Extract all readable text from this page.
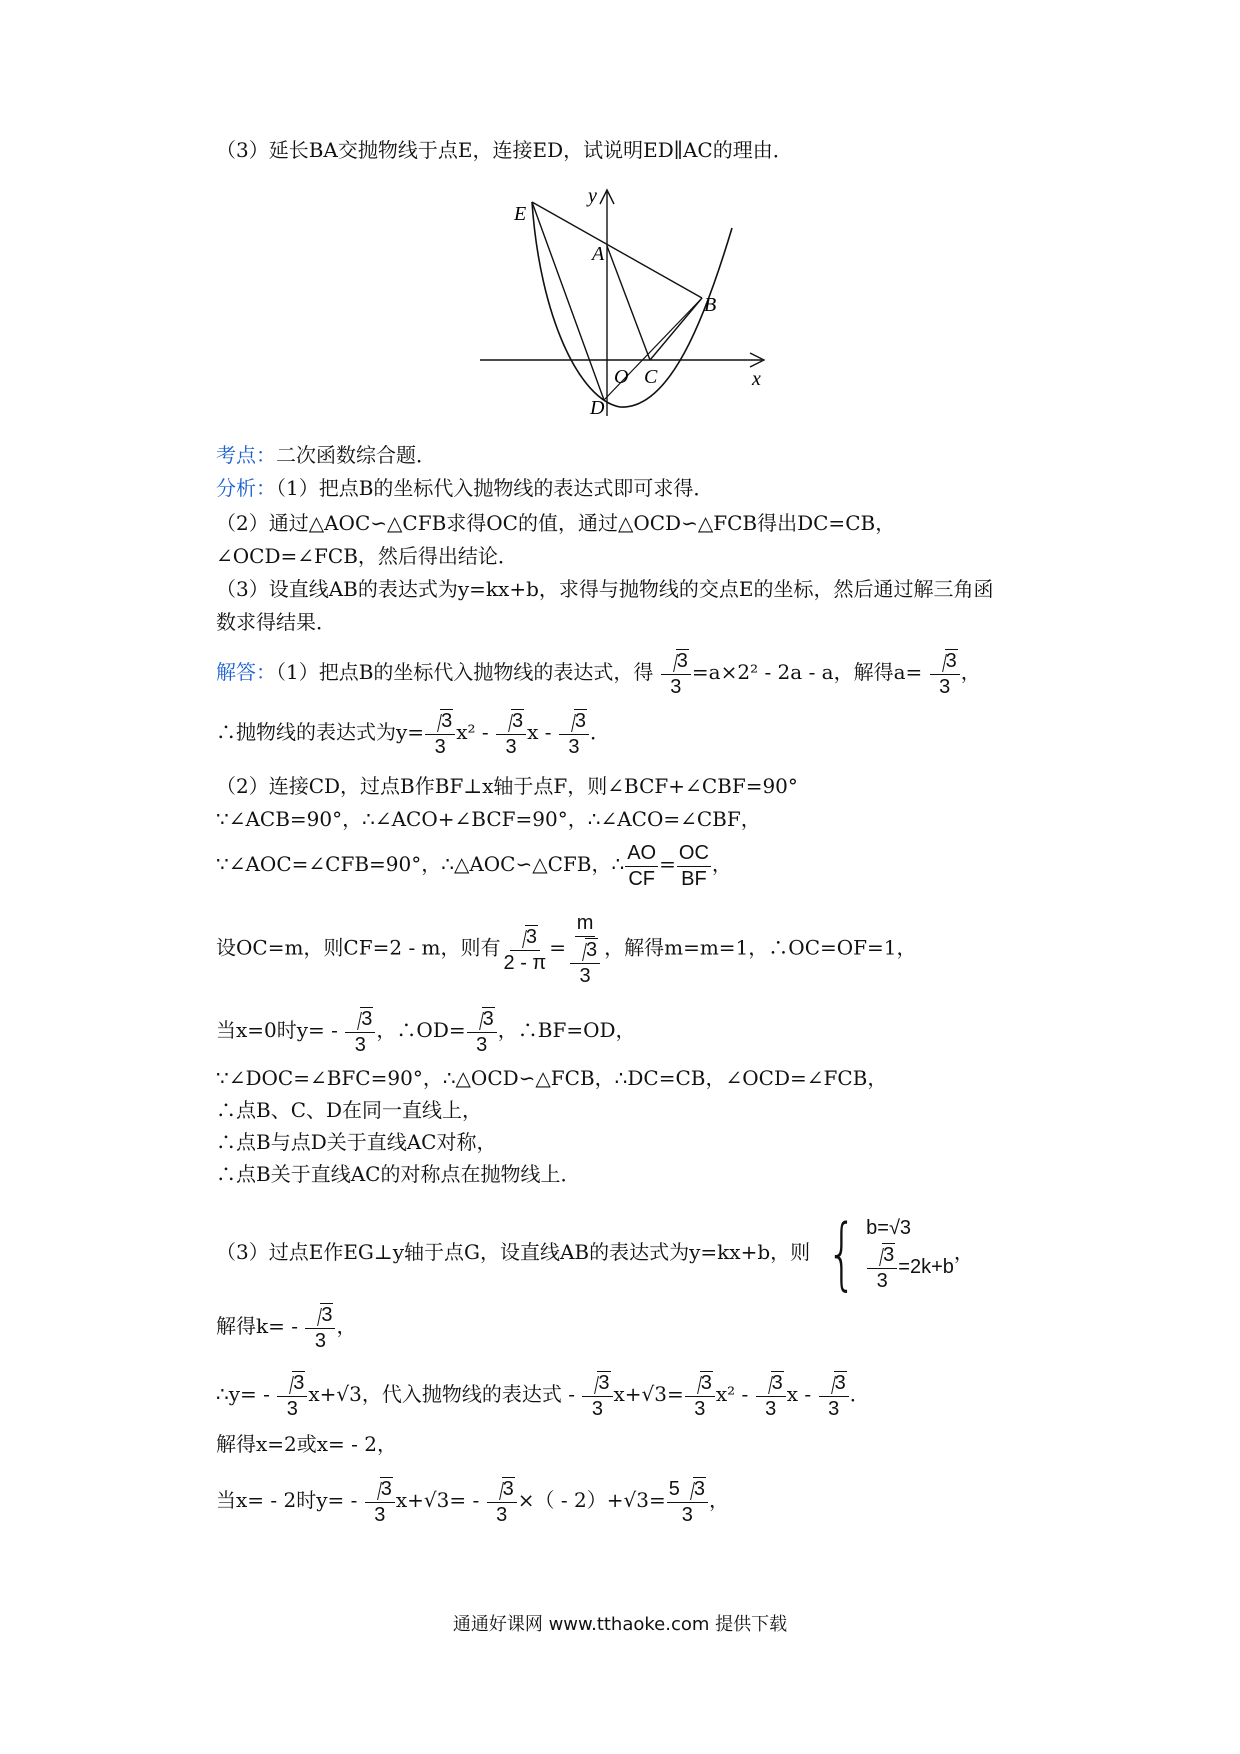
（3）延长BA交抛物线于点E，连接ED，试说明ED∥AC的理由．
y
x
E
A
B
O C
D
考点：二次函数综合题．
分析：（1）把点B的坐标代入抛物线的表达式即可求得．
（2）通过△AOC∽△CFB求得OC的值，通过△OCD∽△FCB得出DC=CB，
∠OCD=∠FCB，然后得出结论．
（3）设直线AB的表达式为y=kx+b，求得与抛物线的交点E的坐标，然后通过解三角函
数求得结果．
解答：（1）把点B的坐标代入抛物线的表达式，得 $\frac{3}{3} =a\times 2^2 - 2a - a$，解得$a= \frac{3}{3}$ ，
∴抛物线的表达式为$y= \frac{3}{3} x^2 - \frac{3}{3}$ x - $\frac{3}{3}$ ．
（2）连接CD，过点B作BF⊥x轴于点F，则∠BCF+∠CBF=90°
∵∠ACB=90°，∴∠ACO+∠BCF=90°，∴∠ACO=∠CBF，
∵∠AOC=∠CFB=90°，∴△AOC∽△CFB，∴ $\frac{AO}{CF} = \frac{OC}{BF}$ ，
设OC=m，则CF=2 - m，则有 $\frac{3}{2 - \pi} = \frac{m}{\frac{3}{3}}$ ，解得m=m=1，∴OC=OF=1，
当x=0时$y= - \frac{3}{3}$ ，∴OD= $\frac{3}{3}$ ，∴BF=OD，
∵∠DOC=∠BFC=90°，∴△OCD∽△FCB，∴DC=CB，∠OCD=∠FCB，
∴点B、C、D在同一直线上，
∴点B与点D关于直线AC对称，
∴点B关于直线AC的对称点在抛物线上．
（3）过点E作EG⊥y轴于点G，设直线AB的表达式为y=kx+b，则 { b=√3
$\frac{3}{3} =2k+b$
，
解得$k= - \frac{3}{3}$ ，
∴y= - $\frac{3}{3} x+√3$，代入抛物线的表达式 - $\frac{3}{3} x+√3= \frac{3}{3} x^2 - \frac{3}{3}$ x - $\frac{3}{3}$ ．
解得x=2或x= - 2，
当x= - 2时$y= - \frac{3}{3} x+√3= - \frac{3}{3}$ ×（ - $2)+√3= \frac{5 3}{3}$ ，
通通好课网 www.tthaoke.com 提供下载
